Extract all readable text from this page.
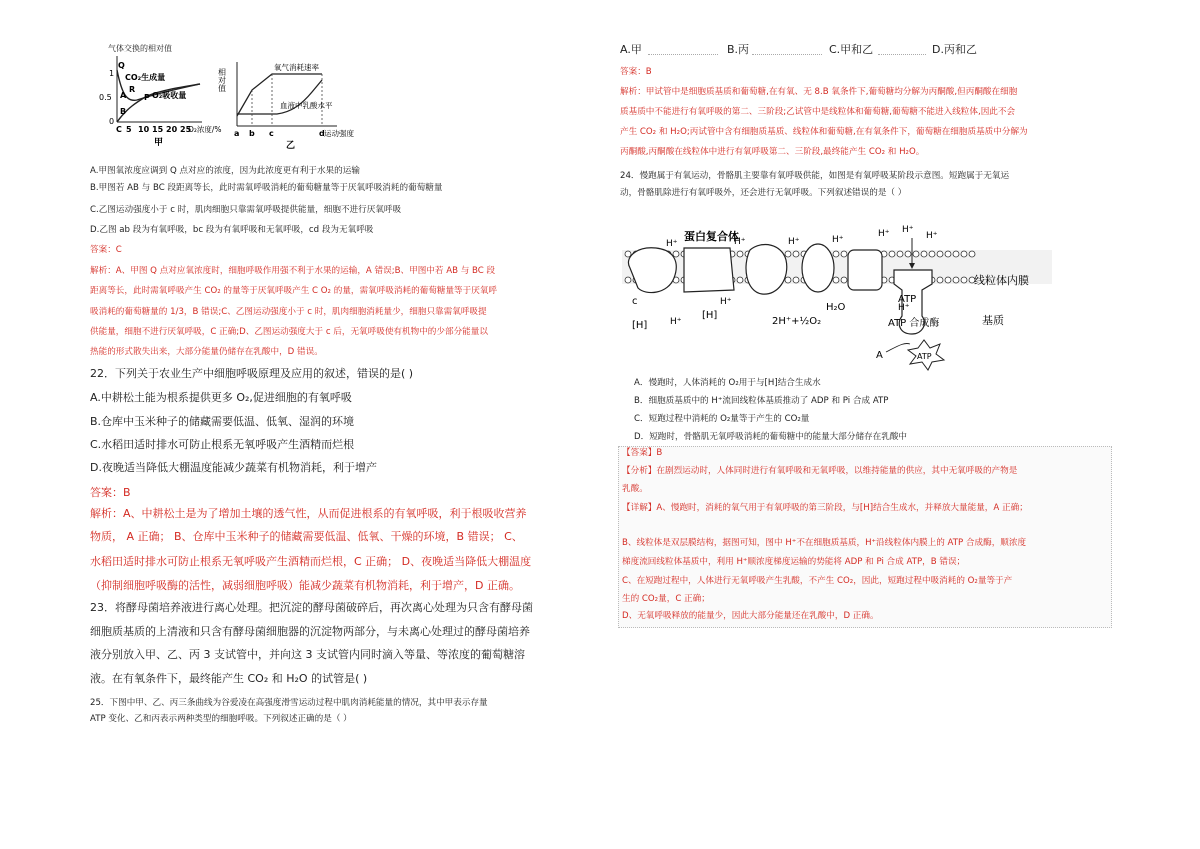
气体交换的相对值
1
0.5
0
Q
A
R
P
B
CO₂生成量
O₂吸收量
C 5 10 15 20 25
O₂浓度/%
甲
相对值
氧气消耗速率
血液中乳酸水平
a b c	d 运动强度
乙
A.甲图氧浓度应调到 Q 点对应的浓度，因为此浓度更有利于水果的运输
B.甲图若 AB 与 BC 段距离等长，此时需氧呼吸消耗的葡萄糖量等于厌氧呼吸消耗的葡萄糖量
C.乙图运动强度小于 c 时，肌肉细胞只靠需氧呼吸提供能量，细胞不进行厌氧呼吸
D.乙图 ab 段为有氧呼吸，bc 段为有氧呼吸和无氧呼吸，cd 段为无氧呼吸
答案：C
解析：A、甲图 Q 点对应氧浓度时，细胞呼吸作用强不利于水果的运输，A 错误;B、甲图中若 AB 与 BC 段
距离等长，此时需氧呼吸产生 CO₂ 的量等于厌氧呼吸产生 C O₂ 的量，需氧呼吸消耗的葡萄糖量等于厌氧呼
吸消耗的葡萄糖量的 1/3，B 错误;C、乙图运动强度小于 c 时，肌肉细胞消耗量少，细胞只靠需氧呼吸提
供能量，细胞不进行厌氧呼吸，C 正确;D、乙图运动强度大于 c 后，无氧呼吸使有机物中的少部分能量以
热能的形式散失出来，大部分能量仍储存在乳酸中，D 错误。
22．下列关于农业生产中细胞呼吸原理及应用的叙述，错误的是( )
A.中耕松土能为根系提供更多 O₂,促进细胞的有氧呼吸
B.仓库中玉米种子的储藏需要低温、低氧、湿润的环境
C.水稻田适时排水可防止根系无氧呼吸产生酒精而烂根
D.夜晚适当降低大棚温度能减少蔬菜有机物消耗，利于增产
答案：B
解析：A、中耕松土是为了增加土壤的透气性，从而促进根系的有氧呼吸，利于根吸收营养
物质， A 正确； B、仓库中玉米种子的储藏需要低温、低氧、干燥的环境，B 错误； C、
水稻田适时排水可防止根系无氧呼吸产生酒精而烂根，C 正确； D、夜晚适当降低大棚温度
（抑制细胞呼吸酶的活性，减弱细胞呼吸）能减少蔬菜有机物消耗，利于增产，D 正确。
23．将酵母菌培养液进行离心处理。把沉淀的酵母菌破碎后，再次离心处理为只含有酵母菌
细胞质基质的上清液和只含有酵母菌细胞器的沉淀物两部分，与未离心处理过的酵母菌培养
液分别放入甲、乙、丙 3 支试管中，并向这 3 支试管内同时滴入等量、等浓度的葡萄糖溶
液。在有氧条件下，最终能产生 CO₂ 和 H₂O 的试管是( )
25．下图中甲、乙、丙三条曲线为谷爱凌在高强度滑雪运动过程中肌肉消耗能量的情况，其中甲表示存量
ATP 变化、乙和丙表示两种类型的细胞呼吸。下列叙述正确的是（ ）
A.甲	B.丙	C.甲和乙	D.丙和乙
答案：B
解析：甲试管中是细胞质基质和葡萄糖,在有氧、无 8.B 氧条件下,葡萄糖均分解为丙酮酸,但丙酮酸在细胞
质基质中不能进行有氧呼吸的第二、三阶段;乙试管中是线粒体和葡萄糖,葡萄糖不能进入线粒体,因此不会
产生 CO₂ 和 H₂O;丙试管中含有细胞质基质、线粒体和葡萄糖,在有氧条件下，葡萄糖在细胞质基质中分解为
丙酮酸,丙酮酸在线粒体中进行有氧呼吸第二、三阶段,最终能产生 CO₂ 和 H₂O。
24．慢跑属于有氧运动，骨骼肌主要靠有氧呼吸供能，如图是有氧呼吸某阶段示意图。短跑属于无氧运
动，骨骼肌除进行有氧呼吸外，还会进行无氧呼吸。下列叙述错误的是（ ）
蛋白复合体
线粒体内膜
基质
H⁺	H⁺	H⁺	H⁺
H⁺ H⁺
H⁺
H⁺
H⁺
H⁺
c
[H]
[H]
2H⁺+½O₂
H₂O
ATP
ATP 合成酶
A	ATP
A．慢跑时，人体消耗的 O₂用于与[H]结合生成水
B．细胞质基质中的 H⁺流回线粒体基质推动了 ADP 和 Pi 合成 ATP
C．短跑过程中消耗的 O₂量等于产生的 CO₂量
D．短跑时，骨骼肌无氧呼吸消耗的葡萄糖中的能量大部分储存在乳酸中
【答案】B
【分析】在剧烈运动时，人体同时进行有氧呼吸和无氧呼吸，以维持能量的供应，其中无氧呼吸的产物是
乳酸。
【详解】A、慢跑时，消耗的氧气用于有氧呼吸的第三阶段，与[H]结合生成水，并释放大量能量，A 正确；
B、线粒体是双层膜结构，据图可知，图中 H⁺不在细胞质基质，H⁺沿线粒体内膜上的 ATP 合成酶，顺浓度
梯度流回线粒体基质中，利用 H⁺顺浓度梯度运输的势能将 ADP 和 Pi 合成 ATP，B 错误；
C、在短跑过程中，人体进行无氧呼吸产生乳酸，不产生 CO₂，因此，短跑过程中吸消耗的 O₂量等于产
生的 CO₂量，C 正确；
D、无氧呼吸释放的能量少，因此大部分能量还在乳酸中，D 正确。
